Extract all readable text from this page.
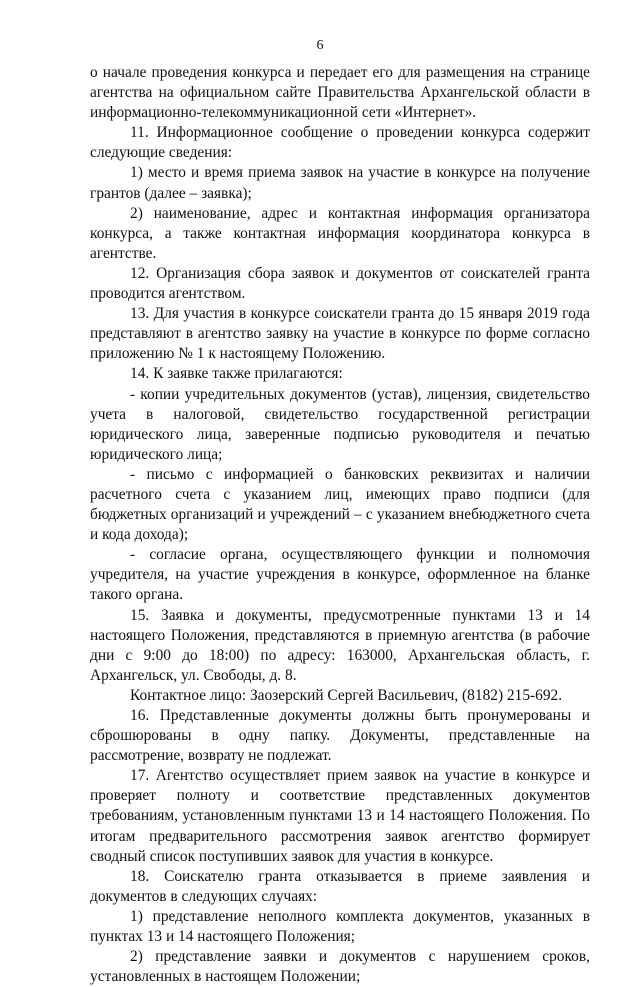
6

о начале проведения конкурса и передает его для размещения на странице агентства на официальном сайте Правительства Архангельской области в информационно-телекоммуникационной сети «Интернет».

11. Информационное сообщение о проведении конкурса содержит следующие сведения:

1) место и время приема заявок на участие в конкурсе на получение грантов (далее – заявка);

2) наименование, адрес и контактная информация организатора конкурса, а также контактная информация координатора конкурса в агентстве.

12. Организация сбора заявок и документов от соискателей гранта проводится агентством.

13. Для участия в конкурсе соискатели гранта до 15 января 2019 года представляют в агентство заявку на участие в конкурсе по форме согласно приложению № 1 к настоящему Положению.

14. К заявке также прилагаются:

- копии учредительных документов (устав), лицензия, свидетельство учета в налоговой, свидетельство государственной регистрации юридического лица, заверенные подписью руководителя и печатью юридического лица;

- письмо с информацией о банковских реквизитах и наличии расчетного счета с указанием лиц, имеющих право подписи (для бюджетных организаций и учреждений – с указанием внебюджетного счета и кода дохода);

- согласие органа, осуществляющего функции и полномочия учредителя, на участие учреждения в конкурсе, оформленное на бланке такого органа.

15. Заявка и документы, предусмотренные пунктами 13 и 14 настоящего Положения, представляются в приемную агентства (в рабочие дни с 9:00 до 18:00) по адресу: 163000, Архангельская область, г. Архангельск, ул. Свободы, д. 8.

Контактное лицо: Заозерский Сергей Васильевич, (8182) 215-692.

16. Представленные документы должны быть пронумерованы и сброшюрованы в одну папку. Документы, представленные на рассмотрение, возврату не подлежат.

17. Агентство осуществляет прием заявок на участие в конкурсе и проверяет полноту и соответствие представленных документов требованиям, установленным пунктами 13 и 14 настоящего Положения. По итогам предварительного рассмотрения заявок агентство формирует сводный список поступивших заявок для участия в конкурсе.

18. Соискателю гранта отказывается в приеме заявления и документов в следующих случаях:

1) представление неполного комплекта документов, указанных в пунктах 13 и 14 настоящего Положения;

2) представление заявки и документов с нарушением сроков, установленных в настоящем Положении;
